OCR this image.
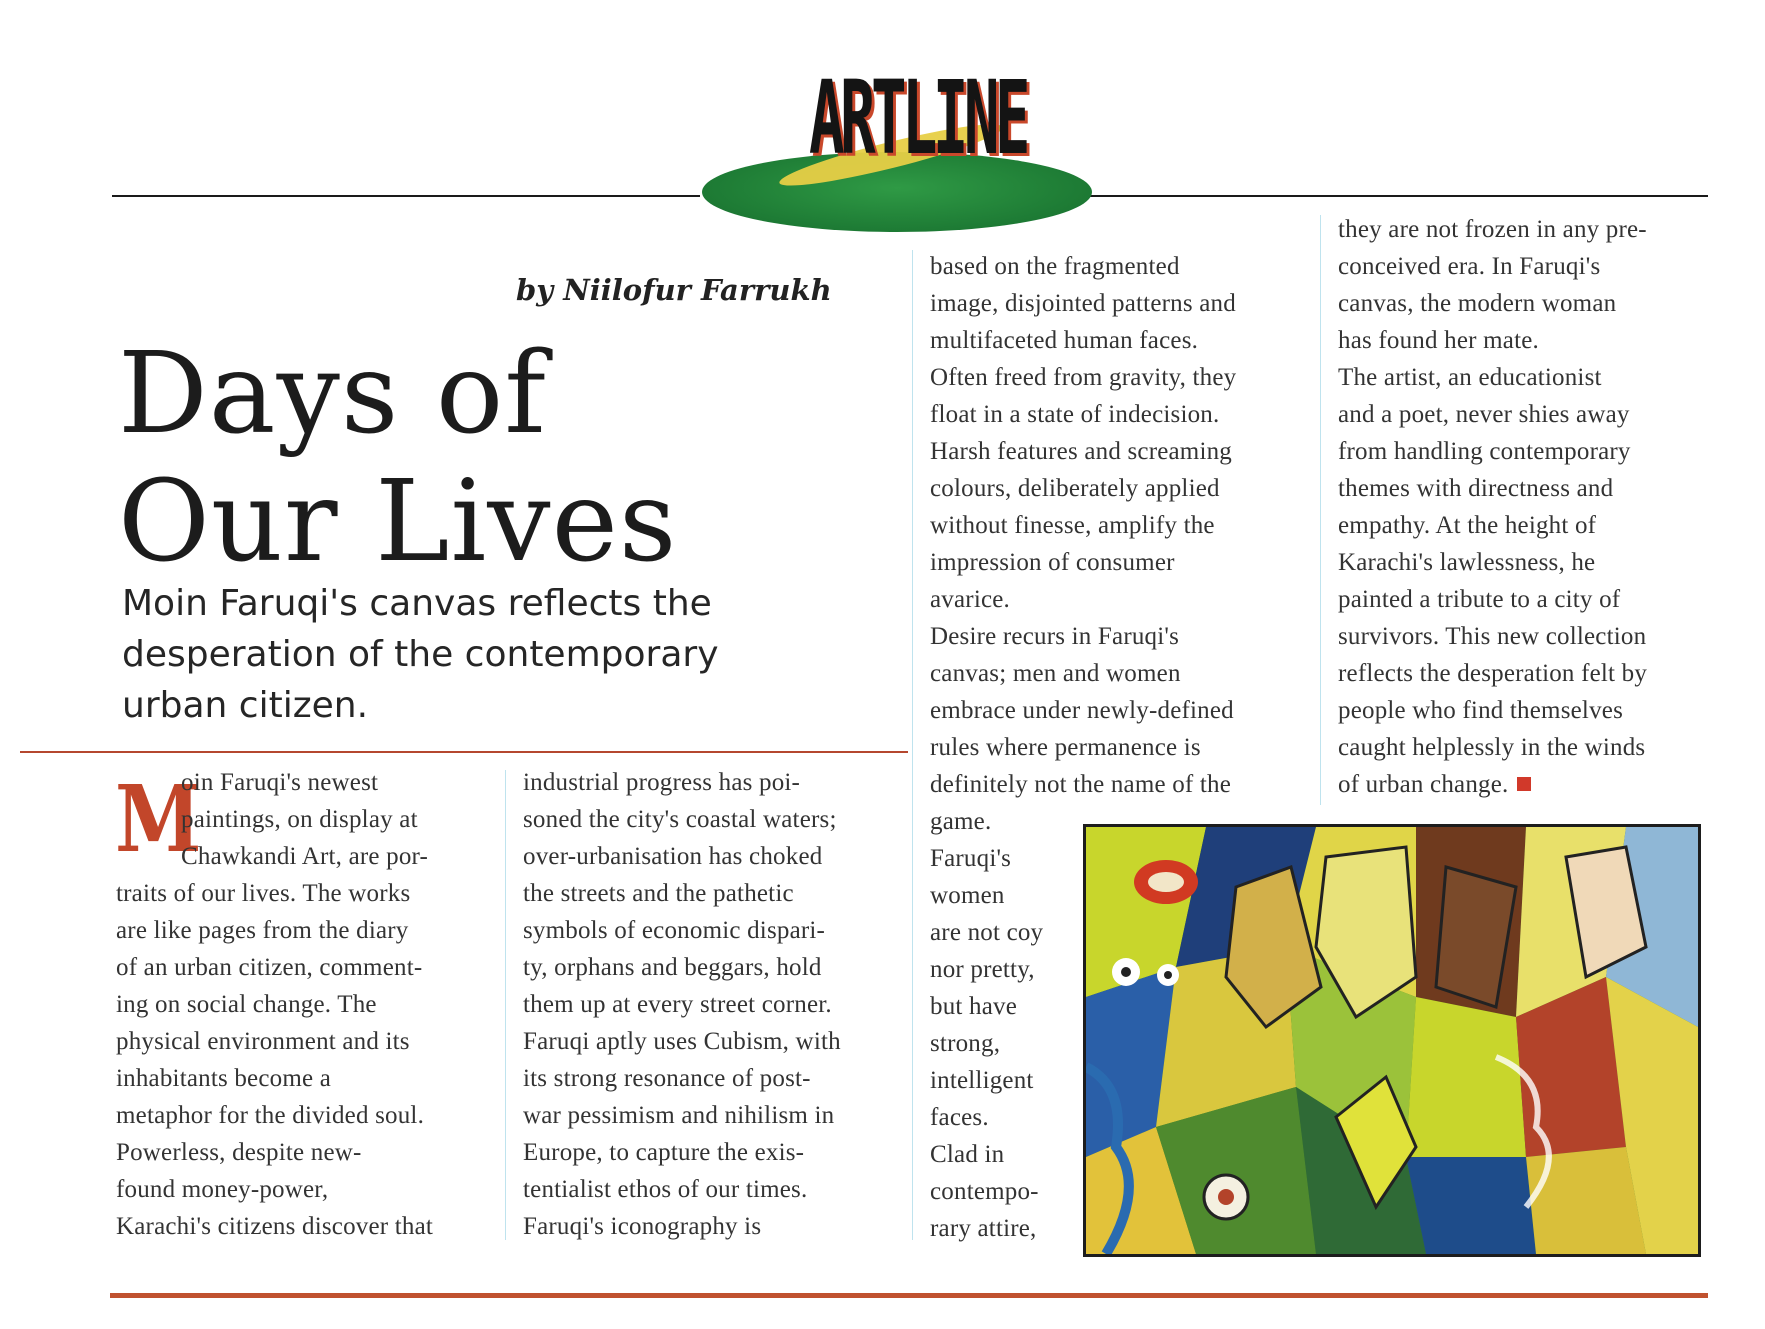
ARTLINE
by Niilofur Farrukh
Days of
Our Lives
Moin Faruqi's canvas reflects the
desperation of the contemporary
urban citizen.
M

oin Faruqi's newest
paintings, on display at
Chawkandi Art, are por-

traits of our lives. The works
are like pages from the diary
of an urban citizen, comment-
ing on social change. The
physical environment and its
inhabitants become a
metaphor for the divided soul.
Powerless, despite new-
found money-power,
Karachi's citizens discover that

industrial progress has poi-
soned the city's coastal waters;
over-urbanisation has choked
the streets and the pathetic
symbols of economic dispari-
ty, orphans and beggars, hold
them up at every street corner.
Faruqi aptly uses Cubism, with
its strong resonance of post-
war pessimism and nihilism in
Europe, to capture the exis-
tentialist ethos of our times.
Faruqi's iconography is

based on the fragmented
image, disjointed patterns and
multifaceted human faces.
Often freed from gravity, they
float in a state of indecision.
Harsh features and screaming
colours, deliberately applied
without finesse, amplify the
impression of consumer
avarice.
Desire recurs in Faruqi's
canvas; men and women
embrace under newly-defined
rules where permanence is
definitely not the name of the
game.

Faruqi's
women
are not coy
nor pretty,
but have
strong,
intelligent
faces.
Clad in
contempo-
rary attire,

they are not frozen in any pre-
conceived era. In Faruqi's
canvas, the modern woman
has found her mate.
The artist, an educationist
and a poet, never shies away
from handling contemporary
themes with directness and
empathy. At the height of
Karachi's lawlessness, he
painted a tribute to a city of
survivors. This new collection
reflects the desperation felt by
people who find themselves
caught helplessly in the winds
of urban change.
